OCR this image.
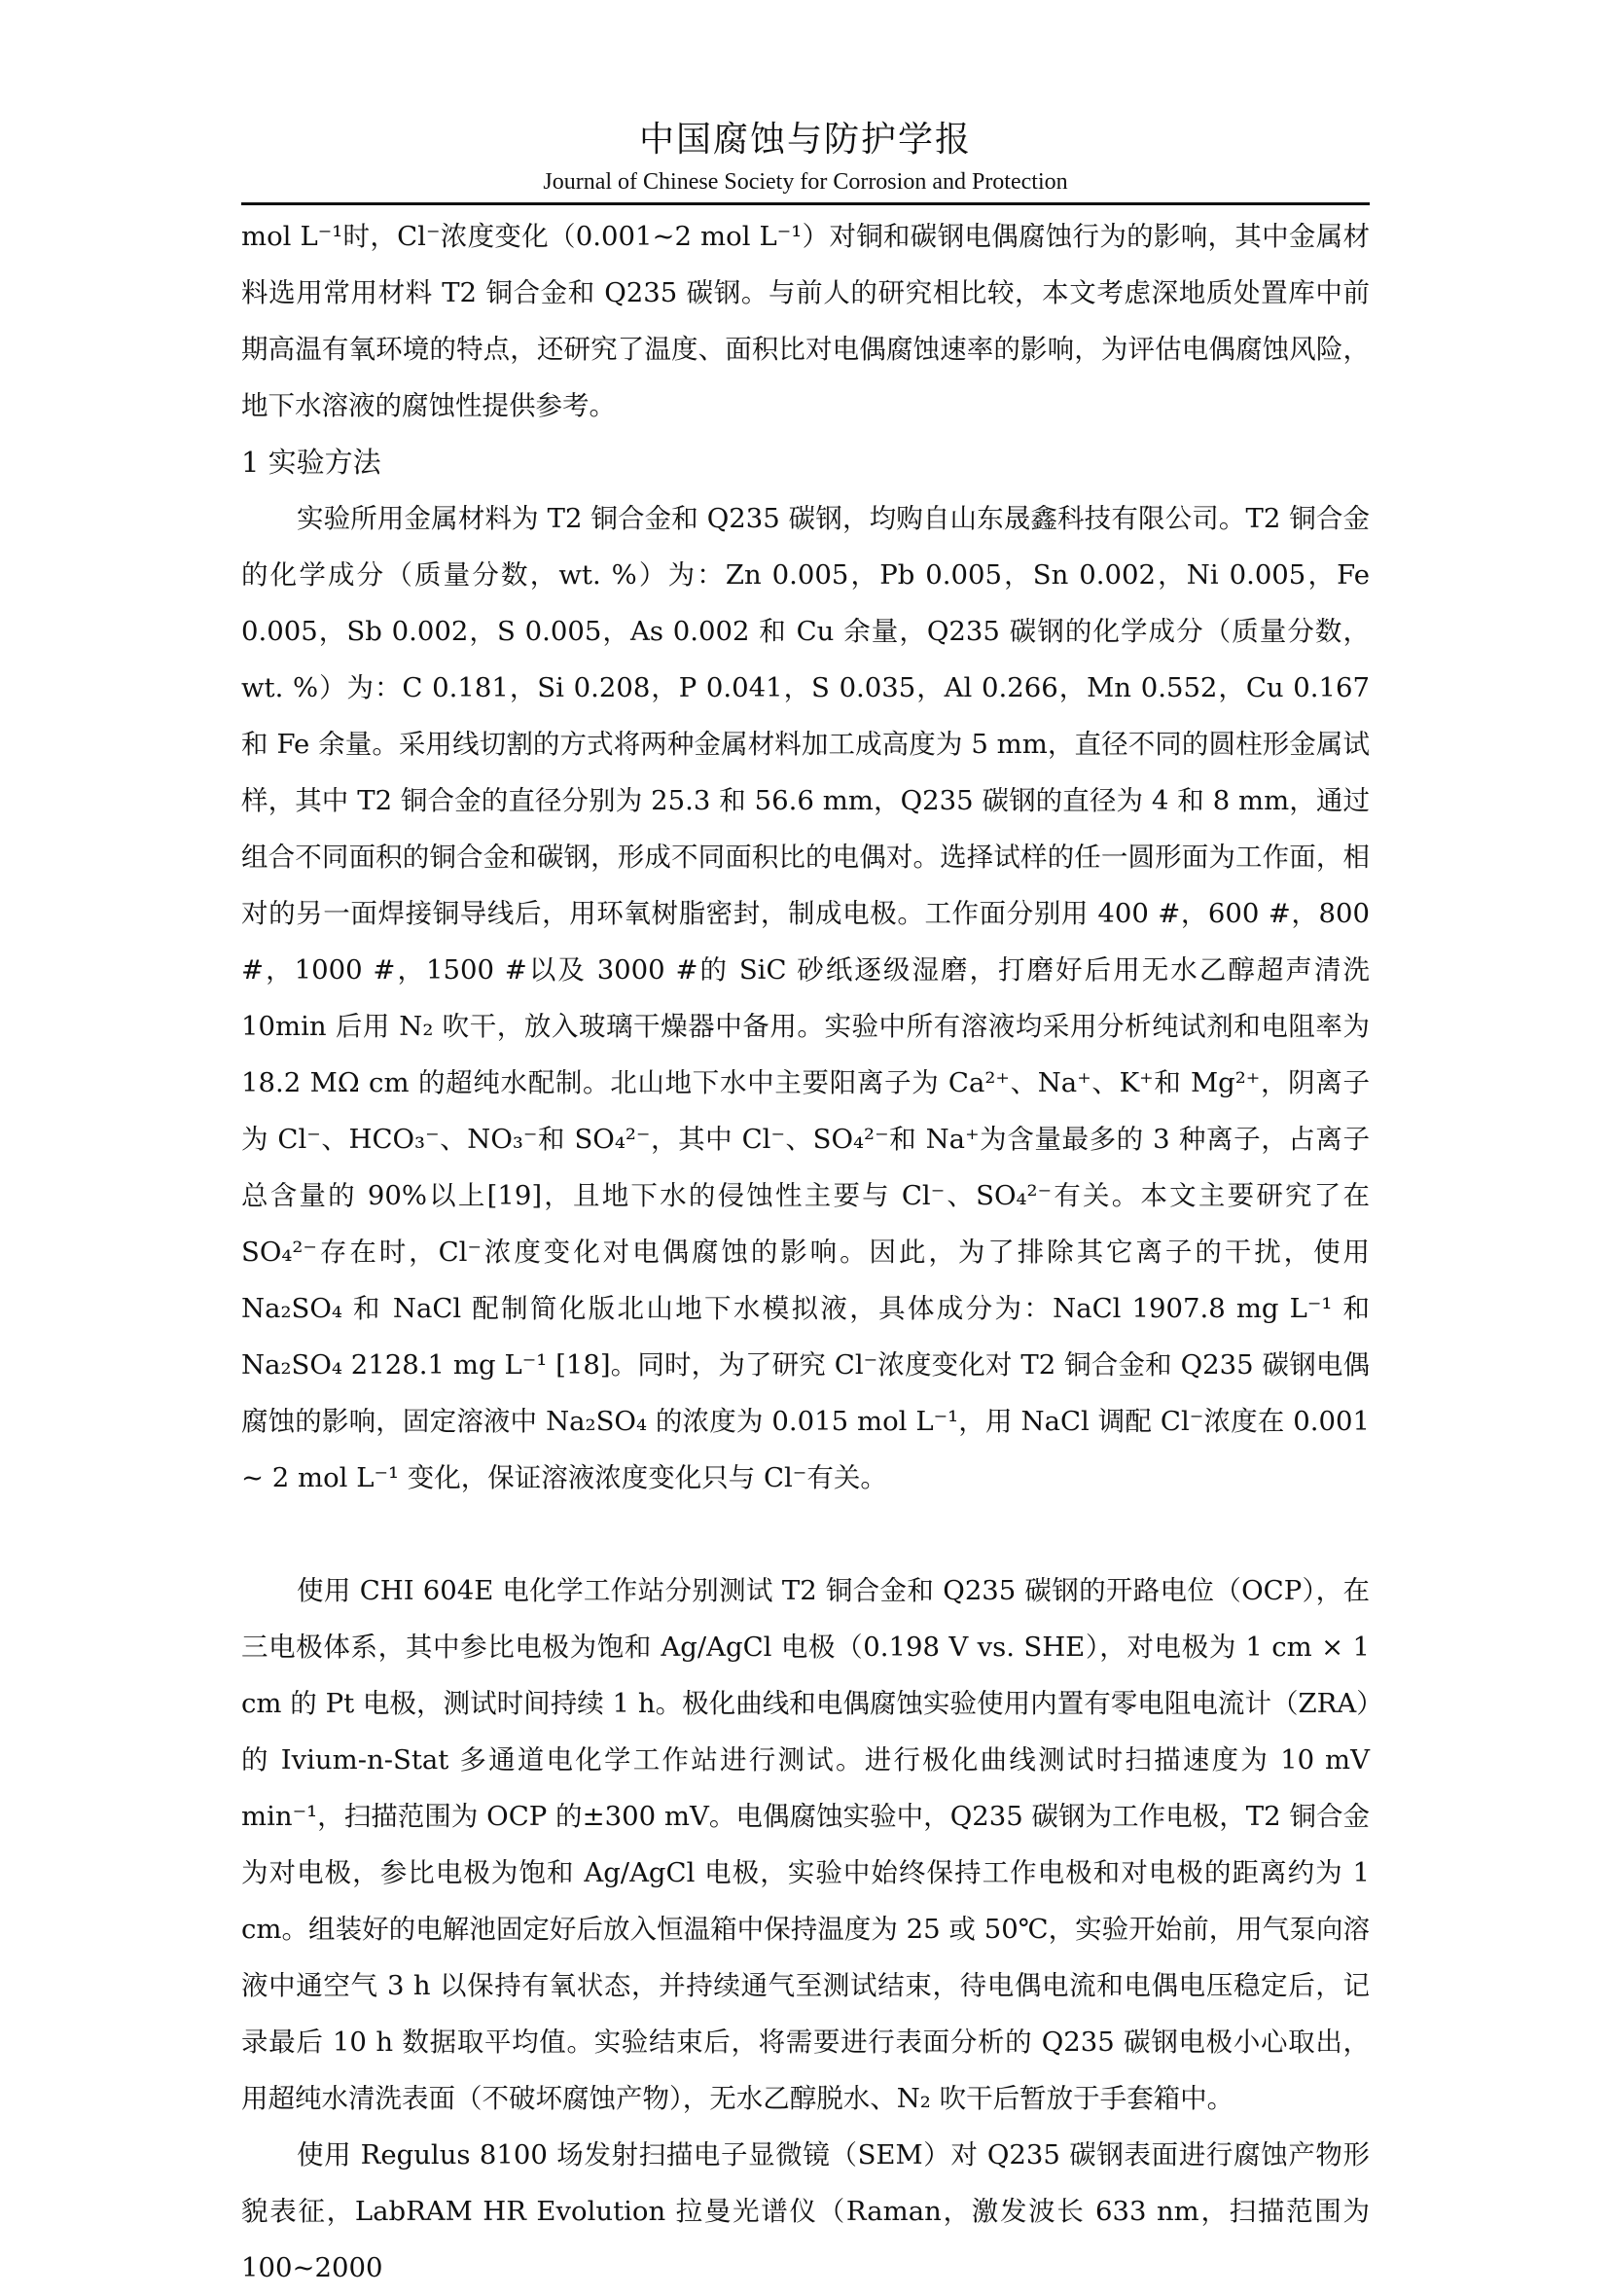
中国腐蚀与防护学报
Journal of Chinese Society for Corrosion and Protection

mol L⁻¹时，Cl⁻浓度变化（0.001~2 mol L⁻¹）对铜和碳钢电偶腐蚀行为的影响，其中金属材料选用常用材料 T2 铜合金和 Q235 碳钢。与前人的研究相比较，本文考虑深地质处置库中前期高温有氧环境的特点，还研究了温度、面积比对电偶腐蚀速率的影响，为评估电偶腐蚀风险，地下水溶液的腐蚀性提供参考。

1 实验方法

实验所用金属材料为 T2 铜合金和 Q235 碳钢，均购自山东晟鑫科技有限公司。T2 铜合金的化学成分（质量分数，wt. %）为：Zn 0.005，Pb 0.005，Sn 0.002，Ni 0.005，Fe 0.005，Sb 0.002，S 0.005，As 0.002 和 Cu 余量，Q235 碳钢的化学成分（质量分数，wt. %）为：C 0.181，Si 0.208，P 0.041，S 0.035，Al 0.266，Mn 0.552，Cu 0.167 和 Fe 余量。采用线切割的方式将两种金属材料加工成高度为 5 mm，直径不同的圆柱形金属试样，其中 T2 铜合金的直径分别为 25.3 和 56.6 mm，Q235 碳钢的直径为 4 和 8 mm，通过组合不同面积的铜合金和碳钢，形成不同面积比的电偶对。选择试样的任一圆形面为工作面，相对的另一面焊接铜导线后，用环氧树脂密封，制成电极。工作面分别用 400 #，600 #，800 #，1000 #，1500 #以及 3000 #的 SiC 砂纸逐级湿磨，打磨好后用无水乙醇超声清洗 10min 后用 N₂ 吹干，放入玻璃干燥器中备用。实验中所有溶液均采用分析纯试剂和电阻率为 18.2 MΩ cm 的超纯水配制。北山地下水中主要阳离子为 Ca²⁺、Na⁺、K⁺和 Mg²⁺，阴离子为 Cl⁻、HCO₃⁻、NO₃⁻和 SO₄²⁻，其中 Cl⁻、SO₄²⁻和 Na⁺为含量最多的 3 种离子，占离子总含量的 90%以上[19]，且地下水的侵蚀性主要与 Cl⁻、SO₄²⁻有关。本文主要研究了在 SO₄²⁻存在时，Cl⁻浓度变化对电偶腐蚀的影响。因此，为了排除其它离子的干扰，使用 Na₂SO₄ 和 NaCl 配制简化版北山地下水模拟液，具体成分为：NaCl 1907.8 mg L⁻¹ 和 Na₂SO₄ 2128.1 mg L⁻¹ [18]。同时，为了研究 Cl⁻浓度变化对 T2 铜合金和 Q235 碳钢电偶腐蚀的影响，固定溶液中 Na₂SO₄ 的浓度为 0.015 mol L⁻¹，用 NaCl 调配 Cl⁻浓度在 0.001 ~ 2 mol L⁻¹ 变化，保证溶液浓度变化只与 Cl⁻有关。

使用 CHI 604E 电化学工作站分别测试 T2 铜合金和 Q235 碳钢的开路电位（OCP），在三电极体系，其中参比电极为饱和 Ag/AgCl 电极（0.198 V vs. SHE），对电极为 1 cm × 1 cm 的 Pt 电极，测试时间持续 1 h。极化曲线和电偶腐蚀实验使用内置有零电阻电流计（ZRA）的 Ivium-n-Stat 多通道电化学工作站进行测试。进行极化曲线测试时扫描速度为 10 mV min⁻¹，扫描范围为 OCP 的±300 mV。电偶腐蚀实验中，Q235 碳钢为工作电极，T2 铜合金为对电极，参比电极为饱和 Ag/AgCl 电极，实验中始终保持工作电极和对电极的距离约为 1 cm。组装好的电解池固定好后放入恒温箱中保持温度为 25 或 50℃，实验开始前，用气泵向溶液中通空气 3 h 以保持有氧状态，并持续通气至测试结束，待电偶电流和电偶电压稳定后，记录最后 10 h 数据取平均值。实验结束后，将需要进行表面分析的 Q235 碳钢电极小心取出，用超纯水清洗表面（不破坏腐蚀产物），无水乙醇脱水、N₂ 吹干后暂放于手套箱中。

使用 Regulus 8100 场发射扫描电子显微镜（SEM）对 Q235 碳钢表面进行腐蚀产物形貌表征，LabRAM HR Evolution 拉曼光谱仪（Raman，激发波长 633 nm，扫描范围为 100~2000
